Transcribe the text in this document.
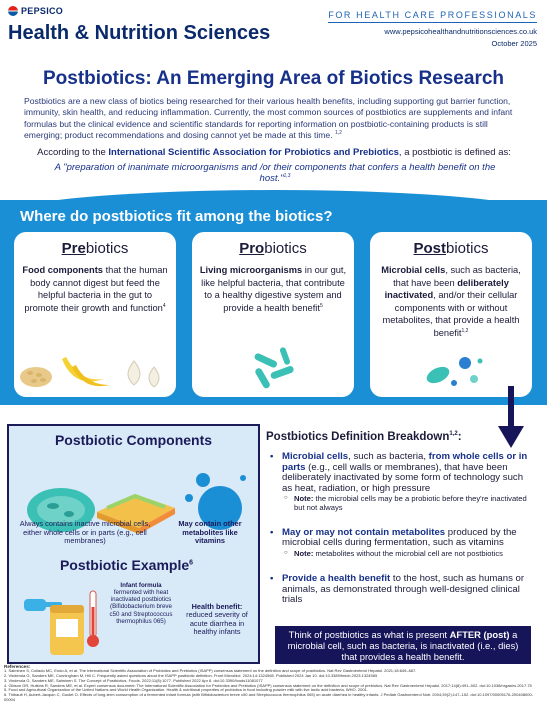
PEPSICO
Health & Nutrition Sciences
FOR HEALTH CARE PROFESSIONALS
www.pepsicohealthandnutritionsciences.co.uk
October 2025
Postbiotics: An Emerging Area of Biotics Research

Postbiotics are a new class of biotics being researched for their various health benefits, including supporting gut barrier function, immunity, skin health, and reducing inflammation. Currently, the most common sources of postbiotics are supplements and infant formulas but the clinical evidence and scientific standards for reporting information on postbiotic-containing products is still emerging; product recommendations and dosing cannot yet be made at this time. $^{1,2}$

According to the International Scientific Association for Probiotics and Prebiotics, a postbiotic is defined as:

A "preparation of inanimate microorganisms and /or their components that confers a health benefit on the host."$^{1,3}$

Where do postbiotics fit among the biotics?
Prebiotics
Food components that the human body cannot digest but feed the helpful bacteria in the gut to promote their growth and function$^4$
Probiotics
Living microorganisms in our gut, like helpful bacteria, that contribute to a healthy digestive system and provide a health benefit$^5$
Postbiotics
Microbial cells, such as bacteria, that have been deliberately inactivated, and/or their cellular components with or without metabolites, that provide a health benefit$^{1,2}$
Postbiotic Components
Always contains inactive microbial cells, either whole cells or in parts (e.g., cell membranes)
May contain other metabolites like vitamins
Postbiotic Example$^6$
Infant formula fermented with heat inactivated postbiotics (Bifidobacterium breve c50 and Streptococcus thermophilus 065)
Health benefit: reduced severity of acute diarrhea in healthy infants
Postbiotics Definition Breakdown$^{1,2}$:
• Microbial cells, such as bacteria, from whole cells or in parts (e.g., cell walls or membranes), that have been deliberately inactivated by some form of technology such as heat, radiation, or high pressure
○ Note: the microbial cells may be a probiotic before they're inactivated but not always
• May or may not contain metabolites produced by the microbial cells during fermentation, such as vitamins
○ Note: metabolites without the microbial cell are not postbiotics
• Provide a health benefit to the host, such as humans or animals, as demonstrated through well-designed clinical trials
Think of postbiotics as what is present AFTER (post) a microbial cell, such as bacteria, is inactivated (i.e., dies) that provides a health benefit.
References:
1. Salminen S, Collado MC, Endo A, et al. The International Scientific Association of Probiotics and Prebiotics (ISAPP) consensus statement on the definition and scope of postbiotics. Nat Rev Gastroenterol Hepatol. 2021;18:649–667.
2. Vinderola G, Sanders ME, Cunningham M, Hill C. Frequently asked questions about the ISAPP postbiotic definition. Front Microbiol. 2024;14:1324565. Published 2024 Jan 10. doi:10.3389/fmicb.2023.1324565
3. Vinderola G, Sanders ME, Salminen S. The Concept of Postbiotics. Foods. 2022;11(8):1077. Published 2022 Apr 8. doi:10.3390/foods11081077
4. Gibson GR, Hutkins R, Sanders ME, et al. Expert consensus document: The International Scientific Association for Probiotics and Prebiotics (ISAPP) consensus statement on the definition and scope of prebiotics. Nat Rev Gastroenterol Hepatol. 2017;14(8):491–502. doi:10.1038/nrgastro.2017.75
5. Food and Agricultural Organization of the United Nations and World Health Organization. Health & nutritional properties of probiotics in food including powder milk with live lactic acid bacteria. WHO. 2001.
6. Thibault H, Aubert-Jacquin C, Goulet O. Effects of long-term consumption of a fermented infant formula (with Bifidobacterium breve c50 and Streptococcus thermophilus 065) on acute diarrhea in healthy infants. J Pediatr Gastroenterol Nutr. 2004;39(2):147–152. doi:10.1097/00005176-200408000-00004
